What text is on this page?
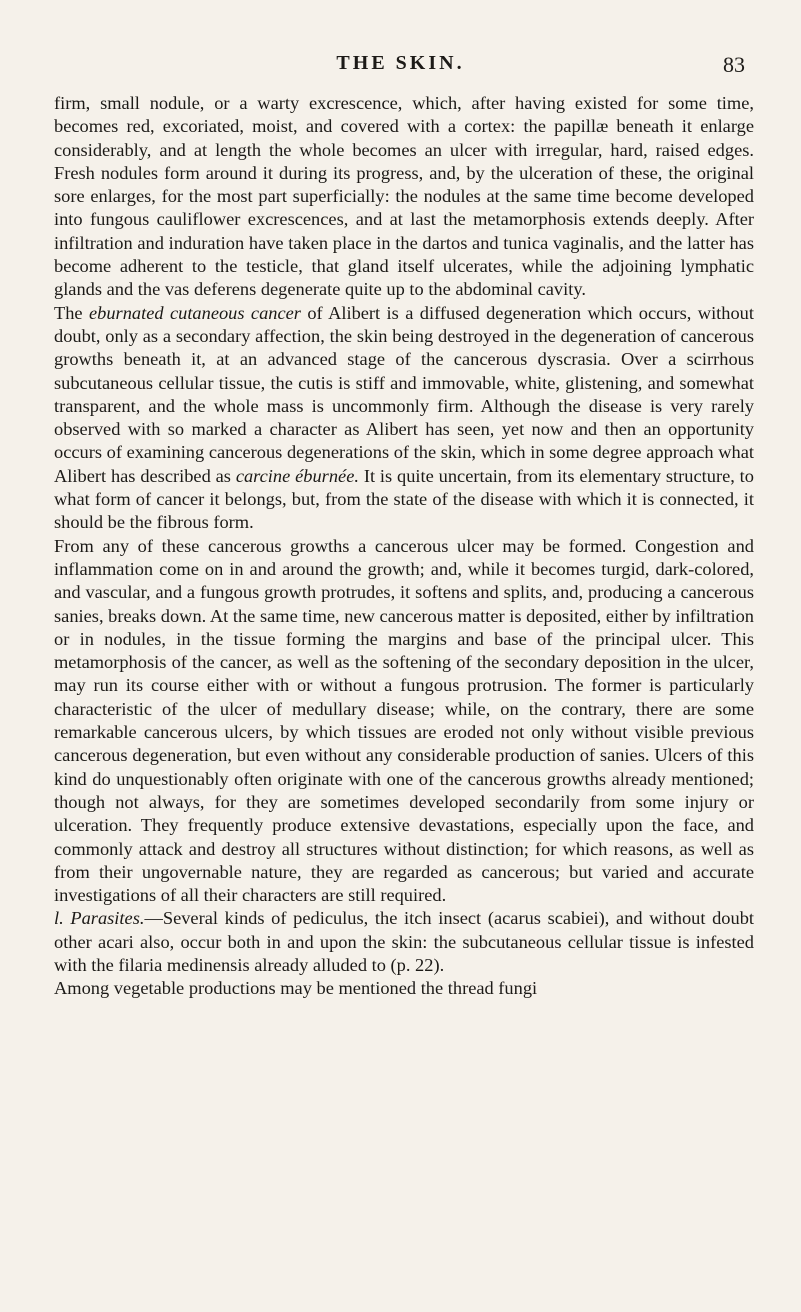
THE SKIN.	83

firm, small nodule, or a warty excrescence, which, after having existed for some time, becomes red, excoriated, moist, and covered with a cortex: the papillæ beneath it enlarge considerably, and at length the whole becomes an ulcer with irregular, hard, raised edges. Fresh nodules form around it during its progress, and, by the ulceration of these, the original sore enlarges, for the most part superficially: the nodules at the same time become developed into fungous cauliflower excrescences, and at last the metamorphosis extends deeply. After infiltration and induration have taken place in the dartos and tunica vaginalis, and the latter has become adherent to the testicle, that gland itself ulcerates, while the adjoining lymphatic glands and the vas deferens degenerate quite up to the abdominal cavity.

The eburnated cutaneous cancer of Alibert is a diffused degeneration which occurs, without doubt, only as a secondary affection, the skin being destroyed in the degeneration of cancerous growths beneath it, at an advanced stage of the cancerous dyscrasia. Over a scirrhous subcutaneous cellular tissue, the cutis is stiff and immovable, white, glistening, and somewhat transparent, and the whole mass is uncommonly firm. Although the disease is very rarely observed with so marked a character as Alibert has seen, yet now and then an opportunity occurs of examining cancerous degenerations of the skin, which in some degree approach what Alibert has described as carcine éburnée. It is quite uncertain, from its elementary structure, to what form of cancer it belongs, but, from the state of the disease with which it is connected, it should be the fibrous form.

From any of these cancerous growths a cancerous ulcer may be formed. Congestion and inflammation come on in and around the growth; and, while it becomes turgid, dark-colored, and vascular, and a fungous growth protrudes, it softens and splits, and, producing a cancerous sanies, breaks down. At the same time, new cancerous matter is deposited, either by infiltration or in nodules, in the tissue forming the margins and base of the principal ulcer. This metamorphosis of the cancer, as well as the softening of the secondary deposition in the ulcer, may run its course either with or without a fungous protrusion. The former is particularly characteristic of the ulcer of medullary disease; while, on the contrary, there are some remarkable cancerous ulcers, by which tissues are eroded not only without visible previous cancerous degeneration, but even without any considerable production of sanies. Ulcers of this kind do unquestionably often originate with one of the cancerous growths already mentioned; though not always, for they are sometimes developed secondarily from some injury or ulceration. They frequently produce extensive devastations, especially upon the face, and commonly attack and destroy all structures without distinction; for which reasons, as well as from their ungovernable nature, they are regarded as cancerous; but varied and accurate investigations of all their characters are still required.

l. Parasites.—Several kinds of pediculus, the itch insect (acarus scabiei), and without doubt other acari also, occur both in and upon the skin: the subcutaneous cellular tissue is infested with the filaria medinensis already alluded to (p. 22).

Among vegetable productions may be mentioned the thread fungi
